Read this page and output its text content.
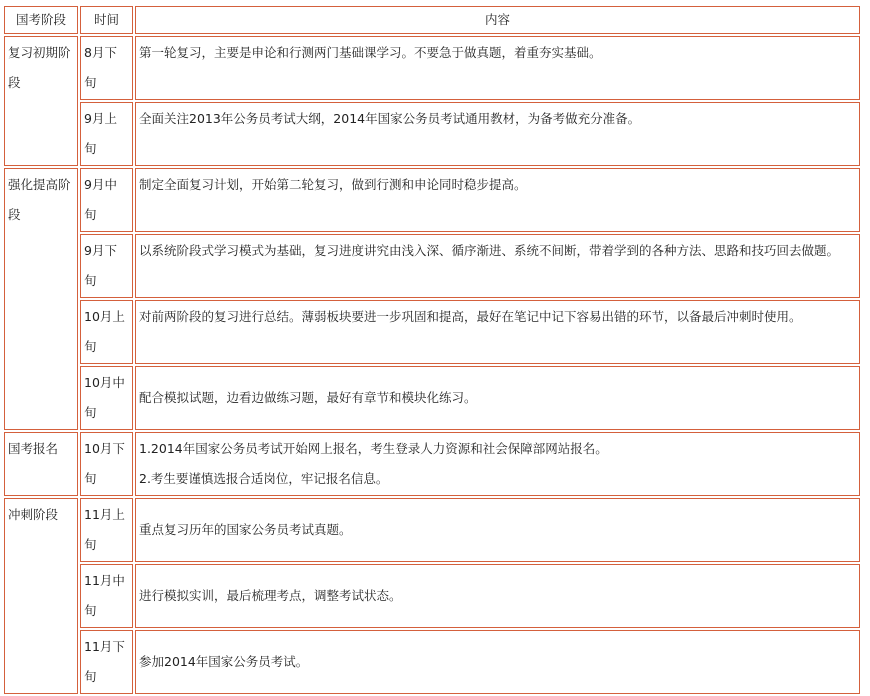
国考阶段	时间	内容
复习初期阶段	8月下旬	第一轮复习，主要是申论和行测两门基础课学习。不要急于做真题，着重夯实基础。
	9月上旬	全面关注2013年公务员考试大纲，2014年国家公务员考试通用教材，为备考做充分准备。
强化提高阶段	9月中旬	制定全面复习计划，开始第二轮复习，做到行测和申论同时稳步提高。
	9月下旬	以系统阶段式学习模式为基础，复习进度讲究由浅入深、循序渐进、系统不间断，带着学到的各种方法、思路和技巧回去做题。
	10月上旬	对前两阶段的复习进行总结。薄弱板块要进一步巩固和提高，最好在笔记中记下容易出错的环节，以备最后冲刺时使用。
	10月中旬	配合模拟试题，边看边做练习题，最好有章节和模块化练习。
国考报名	10月下旬	1.2014年国家公务员考试开始网上报名，考生登录人力资源和社会保障部网站报名。
2.考生要谨慎选报合适岗位，牢记报名信息。

冲刺阶段	11月上旬	重点复习历年的国家公务员考试真题。
	11月中旬	进行模拟实训，最后梳理考点，调整考试状态。
	11月下旬	参加2014年国家公务员考试。
